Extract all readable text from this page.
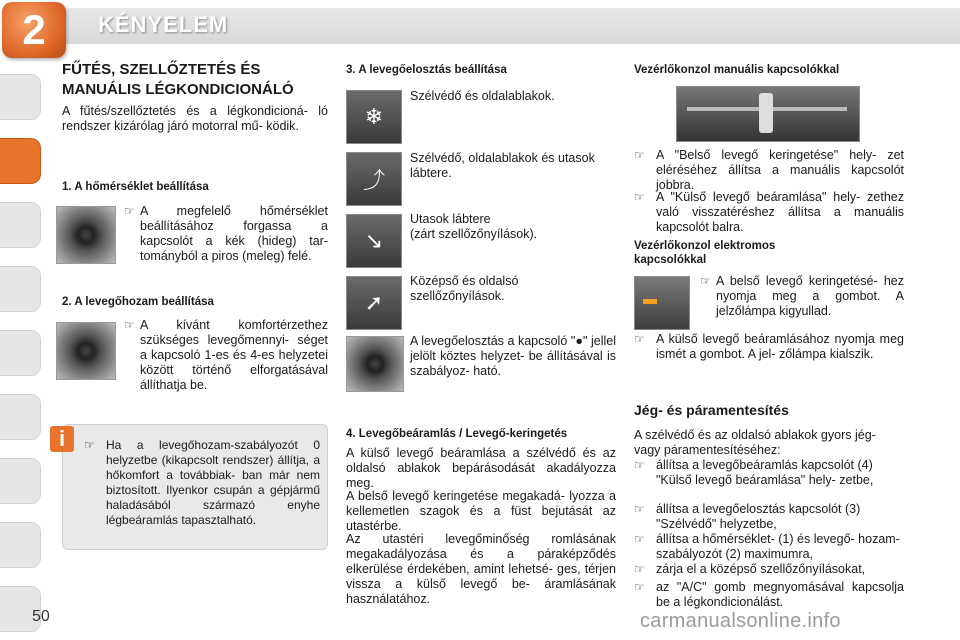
2	KÉNYELEM
FŰTÉS, SZELLŐZTETÉS ÉS
MANUÁLIS LÉGKONDICIONÁLÓ
A fűtés/szellőztetés és a légkondicioná- ló rendszer kizárólag járó motorral mű- ködik.
1. A hőmérséklet beállítása
☞ A megfelelő hőmérséklet beállításához forgassa a kapcsolót a kék (hideg) tar- tományból a piros (meleg) felé.
2. A levegőhozam beállítása
☞ A kívánt komfortérzethez szükséges levegőmennyi- séget a kapcsoló 1-es és 4-es helyzetei között történő elforgatásával állíthatja be.
i	☞ Ha a levegőhozam-szabályozót 0 helyzetbe (kikapcsolt rendszer) állítja, a hőkomfort a továbbiak- ban már nem biztosított. Ilyenkor csupán a gépjármű haladásából származó enyhe légbeáramlás tapasztalható.
3. A levegőelosztás beállítása
❄
Szélvédő és oldalablakok.
⤴
Szélvédő, oldalablakok és utasok lábtere.
↘
Utasok lábtere
(zárt szellőzőnyílások).
➚
Középső és oldalsó szellőzőnyílások.
A levegőelosztás a kapcsoló "●" jellel jelölt köztes helyzet- be állításával is szabályoz- ható.
4. Levegőbeáramlás / Levegő-keringetés
A külső levegő beáramlása a szélvédő és az oldalsó ablakok bepárásodását akadályozza meg.
A belső levegő keringetése megakadá- lyozza a kellemetlen szagok és a füst bejutását az utastérbe.
Az utastéri levegőminőség romlásának megakadályozása és a páraképződés elkerülése érdekében, amint lehetsé- ges, térjen vissza a külső levegő be- áramlásának használatához.
Vezérlőkonzol manuális kapcsolókkal
☞ A "Belső levegő keringetése" hely- zet eléréséhez állítsa a manuális kapcsolót jobbra.
☞ A "Külső levegő beáramlása" hely- zethez való visszatéréshez állítsa a manuális kapcsolót balra.
Vezérlőkonzol elektromos
kapcsolókkal
☞ A belső levegő keringetésé- hez nyomja meg a gombot. A jelzőlámpa kigyullad.
☞ A külső levegő beáramlásához nyomja meg ismét a gombot. A jel- zőlámpa kialszik.
Jég- és páramentesítés
A szélvédő és az oldalsó ablakok gyors jég- vagy páramentesítéséhez:
☞ állítsa a levegőbeáramlás kapcsolót (4) "Külső levegő beáramlása" hely- zetbe,
☞ állítsa a levegőelosztás kapcsolót (3) "Szélvédő" helyzetbe,
☞ állítsa a hőmérséklet- (1) és levegő- hozam-szabályozót (2) maximumra,
☞ zárja el a középső szellőzőnyílásokat,
☞ az "A/C" gomb megnyomásával kapcsolja be a légkondicionálást.
50	carmanualsonline.info
